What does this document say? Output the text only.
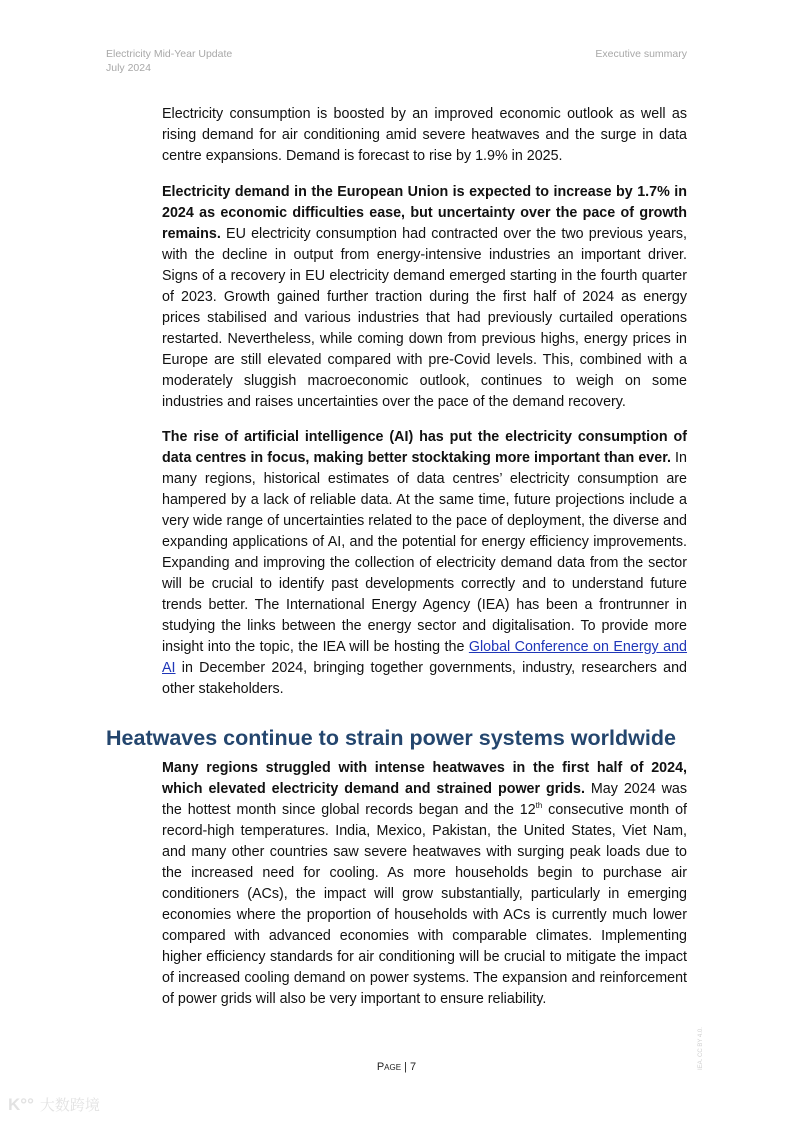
Electricity Mid-Year Update
July 2024
Executive summary

Electricity consumption is boosted by an improved economic outlook as well as rising demand for air conditioning amid severe heatwaves and the surge in data centre expansions. Demand is forecast to rise by 1.9% in 2025.

Electricity demand in the European Union is expected to increase by 1.7% in 2024 as economic difficulties ease, but uncertainty over the pace of growth remains. EU electricity consumption had contracted over the two previous years, with the decline in output from energy-intensive industries an important driver. Signs of a recovery in EU electricity demand emerged starting in the fourth quarter of 2023. Growth gained further traction during the first half of 2024 as energy prices stabilised and various industries that had previously curtailed operations restarted. Nevertheless, while coming down from previous highs, energy prices in Europe are still elevated compared with pre-Covid levels. This, combined with a moderately sluggish macroeconomic outlook, continues to weigh on some industries and raises uncertainties over the pace of the demand recovery.

The rise of artificial intelligence (AI) has put the electricity consumption of data centres in focus, making better stocktaking more important than ever. In many regions, historical estimates of data centres’ electricity consumption are hampered by a lack of reliable data. At the same time, future projections include a very wide range of uncertainties related to the pace of deployment, the diverse and expanding applications of AI, and the potential for energy efficiency improvements. Expanding and improving the collection of electricity demand data from the sector will be crucial to identify past developments correctly and to understand future trends better. The International Energy Agency (IEA) has been a frontrunner in studying the links between the energy sector and digitalisation. To provide more insight into the topic, the IEA will be hosting the Global Conference on Energy and AI in December 2024, bringing together governments, industry, researchers and other stakeholders.

Heatwaves continue to strain power systems worldwide

Many regions struggled with intense heatwaves in the first half of 2024, which elevated electricity demand and strained power grids. May 2024 was the hottest month since global records began and the 12th consecutive month of record-high temperatures. India, Mexico, Pakistan, the United States, Viet Nam, and many other countries saw severe heatwaves with surging peak loads due to the increased need for cooling. As more households begin to purchase air conditioners (ACs), the impact will grow substantially, particularly in emerging economies where the proportion of households with ACs is currently much lower compared with advanced economies with comparable climates. Implementing higher efficiency standards for air conditioning will be crucial to mitigate the impact of increased cooling demand on power systems. The expansion and reinforcement of power grids will also be very important to ensure reliability.

Page | 7	IEA. CC BY 4.0.
K°° 大数跨境
